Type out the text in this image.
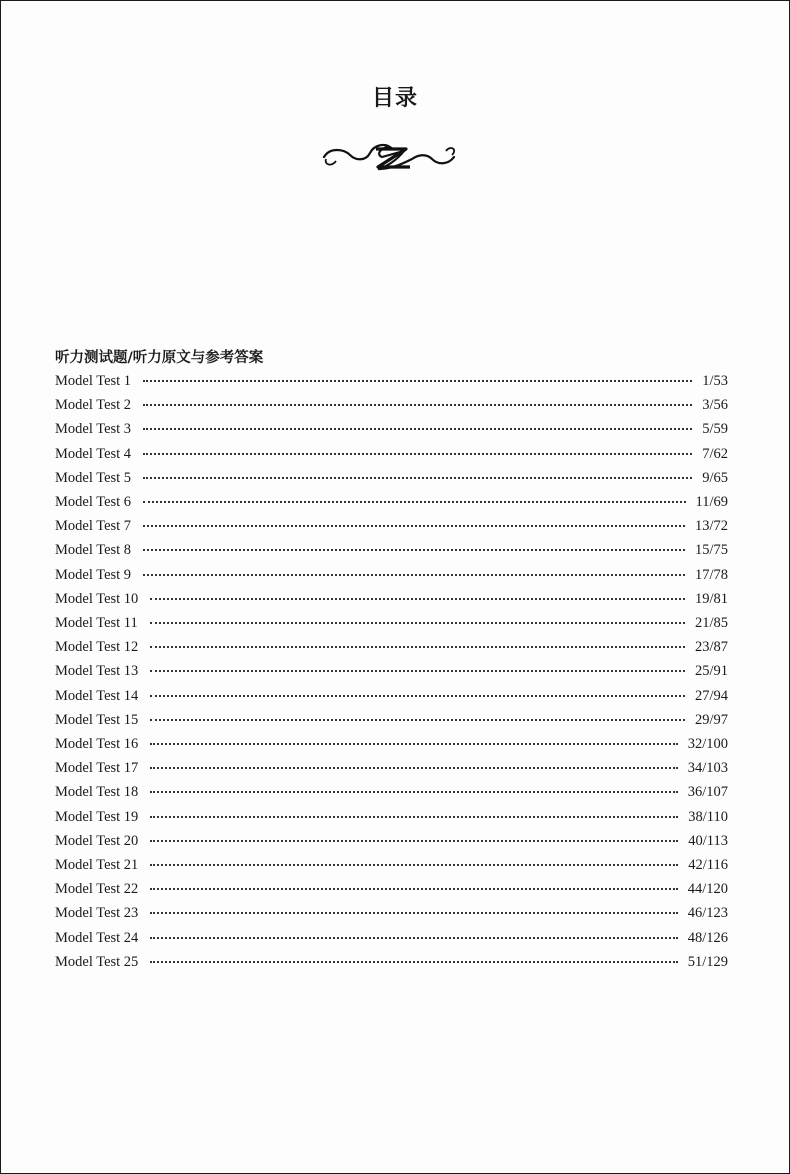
目录
听力测试题/听力原文与参考答案
Model Test 1	1/53
Model Test 2	3/56
Model Test 3	5/59
Model Test 4	7/62
Model Test 5	9/65
Model Test 6	11/69
Model Test 7	13/72
Model Test 8	15/75
Model Test 9	17/78
Model Test 10	19/81
Model Test 11	21/85
Model Test 12	23/87
Model Test 13	25/91
Model Test 14	27/94
Model Test 15	29/97
Model Test 16	32/100
Model Test 17	34/103
Model Test 18	36/107
Model Test 19	38/110
Model Test 20	40/113
Model Test 21	42/116
Model Test 22	44/120
Model Test 23	46/123
Model Test 24	48/126
Model Test 25	51/129
